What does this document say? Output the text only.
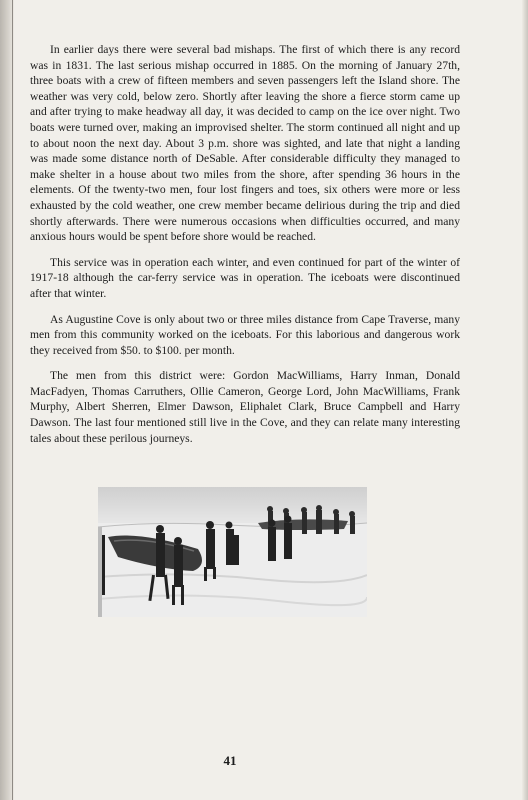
In earlier days there were several bad mishaps. The first of which there is any record was in 1831. The last serious mishap occurred in 1885. On the morning of January 27th, three boats with a crew of fifteen members and seven passengers left the Island shore. The weather was very cold, below zero. Shortly after leaving the shore a fierce storm came up and after trying to make headway all day, it was decided to camp on the ice over night. Two boats were turned over, making an improvised shelter. The storm continued all night and up to about noon the next day. About 3 p.m. shore was sighted, and late that night a landing was made some distance north of DeSable. After considerable difficulty they managed to make shelter in a house about two miles from the shore, after spending 36 hours in the elements. Of the twenty-two men, four lost fingers and toes, six others were more or less exhausted by the cold weather, one crew member became delirious during the trip and died shortly afterwards. There were numerous occasions when difficulties occurred, and many anxious hours would be spent before shore would be reached.

This service was in operation each winter, and even continued for part of the winter of 1917-18 although the car-ferry service was in operation. The iceboats were discontinued after that winter.

As Augustine Cove is only about two or three miles distance from Cape Traverse, many men from this community worked on the iceboats. For this laborious and dangerous work they received from $50. to $100. per month.

The men from this district were: Gordon MacWilliams, Harry Inman, Donald MacFadyen, Thomas Carruthers, Ollie Cameron, George Lord, John MacWilliams, Frank Murphy, Albert Sherren, Elmer Dawson, Eliphalet Clark, Bruce Campbell and Harry Dawson. The last four mentioned still live in the Cove, and they can relate many interesting tales about these perilous journeys.

41
